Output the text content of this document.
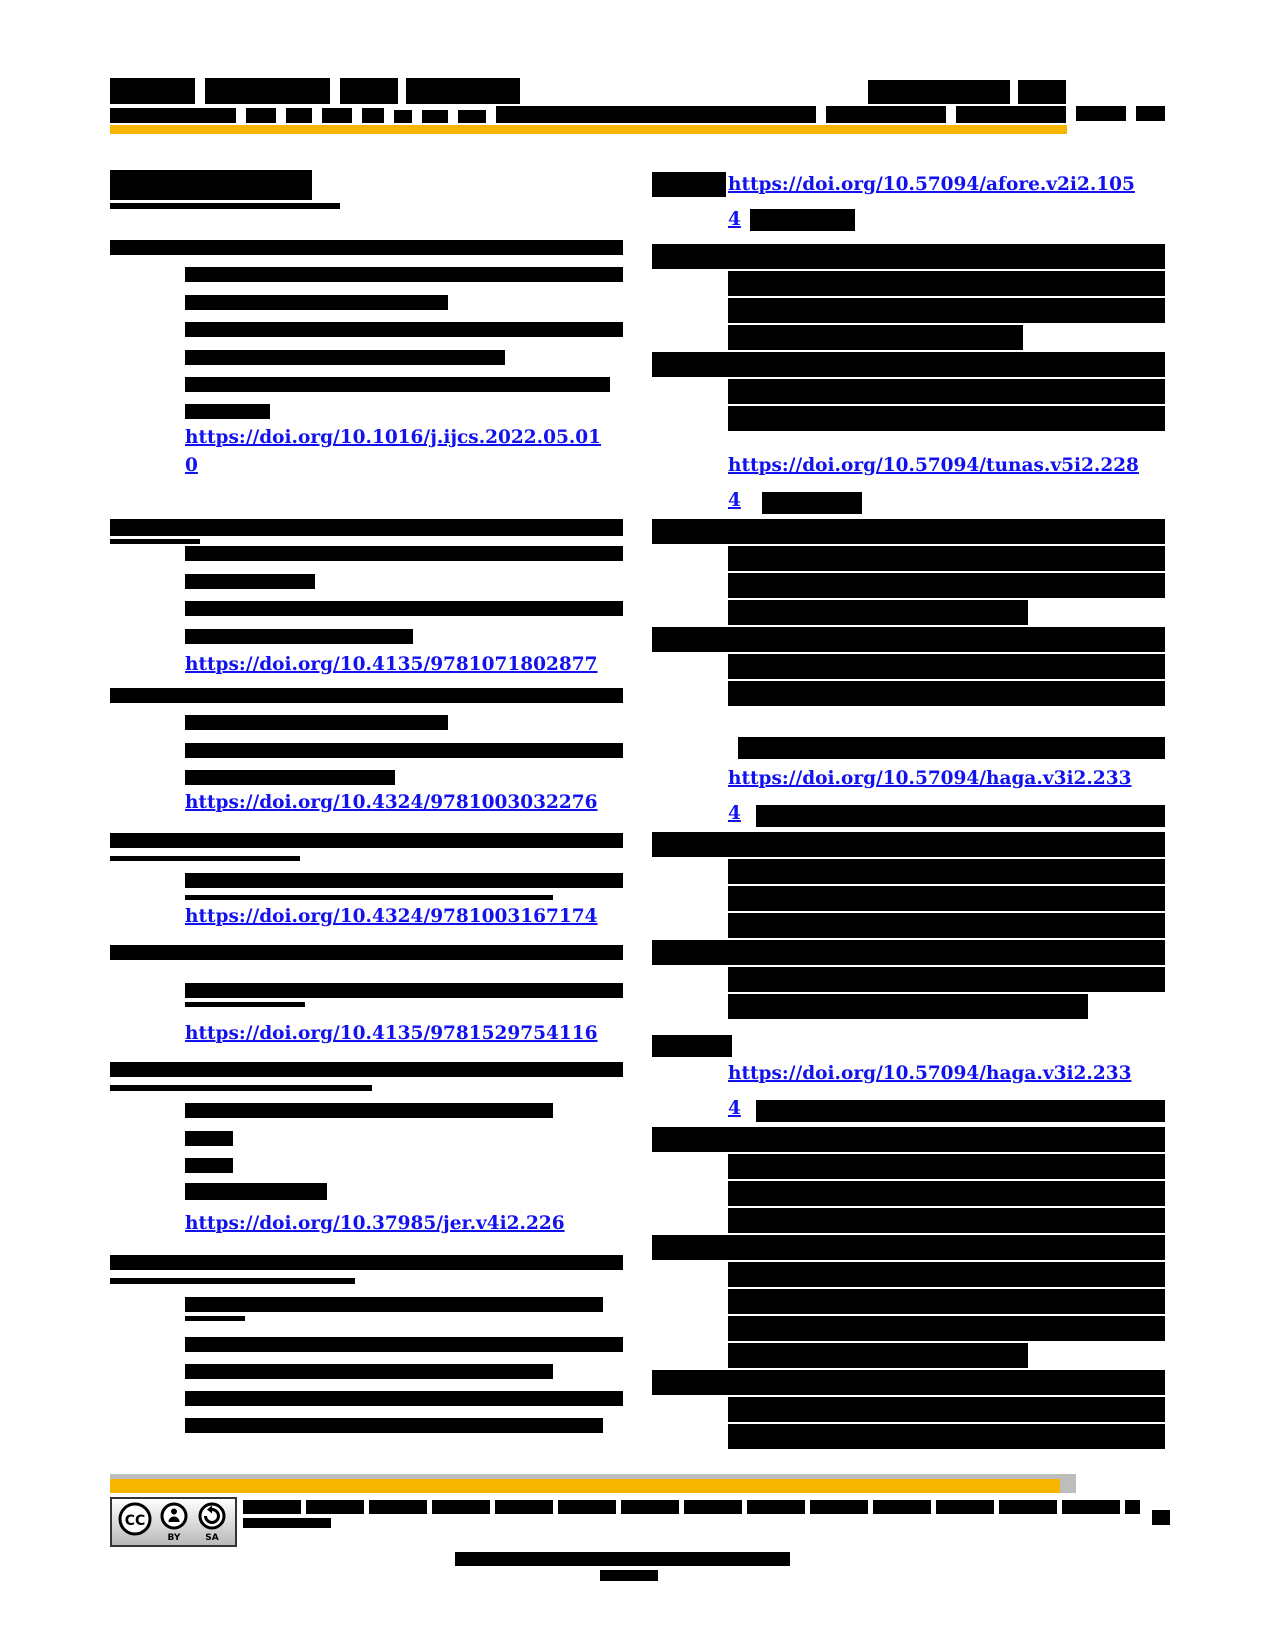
https://doi.org/10.1016/j.ijcs.2022.05.01
0
https://doi.org/10.4135/9781071802877
https://doi.org/10.4324/9781003032276
https://doi.org/10.4324/9781003167174
https://doi.org/10.4135/9781529754116
https://doi.org/10.37985/jer.v4i2.226
https://doi.org/10.57094/afore.v2i2.105
4
https://doi.org/10.57094/tunas.v5i2.228
4
https://doi.org/10.57094/haga.v3i2.233
4
https://doi.org/10.57094/haga.v3i2.233
4
CC
BY	SA
